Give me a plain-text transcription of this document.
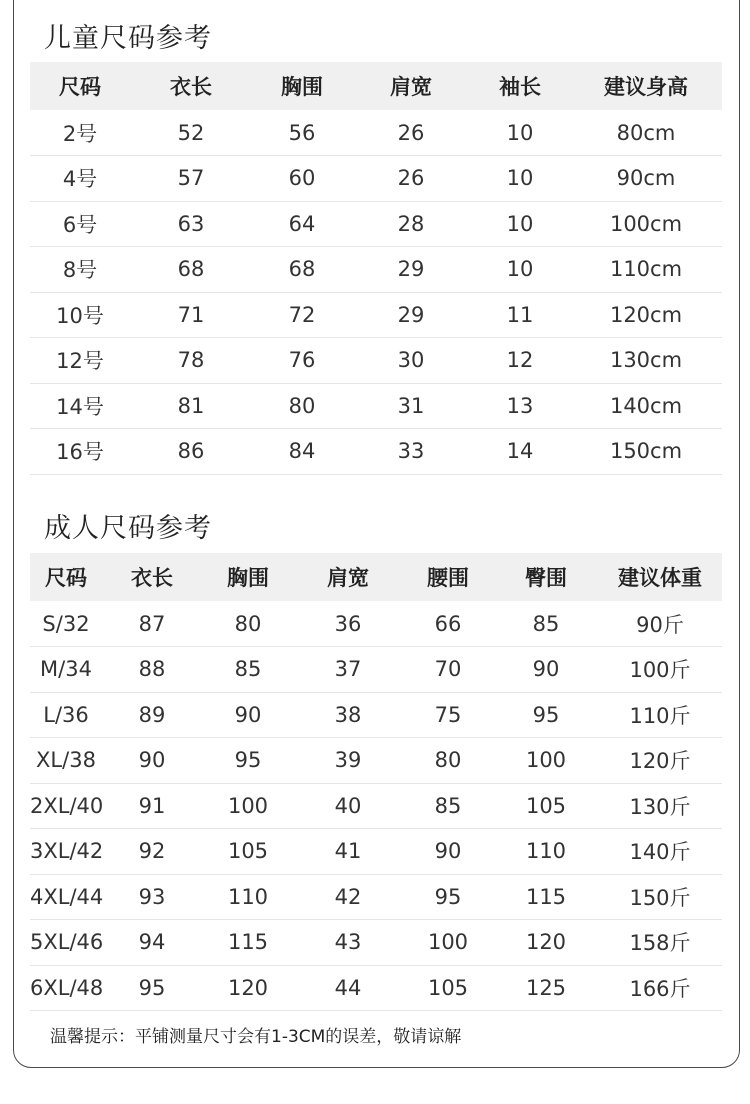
儿童尺码参考
尺码	衣长	胸围	肩宽	袖长	建议身高
2号	52	56	26	10	80cm
4号	57	60	26	10	90cm
6号	63	64	28	10	100cm
8号	68	68	29	10	110cm
10号	71	72	29	11	120cm
12号	78	76	30	12	130cm
14号	81	80	31	13	140cm
16号	86	84	33	14	150cm
成人尺码参考
尺码	衣长	胸围	肩宽	腰围	臀围	建议体重
S/32	87	80	36	66	85	90斤
M/34	88	85	37	70	90	100斤
L/36	89	90	38	75	95	110斤
XL/38	90	95	39	80	100	120斤
2XL/40	91	100	40	85	105	130斤
3XL/42	92	105	41	90	110	140斤
4XL/44	93	110	42	95	115	150斤
5XL/46	94	115	43	100	120	158斤
6XL/48	95	120	44	105	125	166斤

温馨提示：平铺测量尺寸会有1-3CM的误差，敬请谅解
